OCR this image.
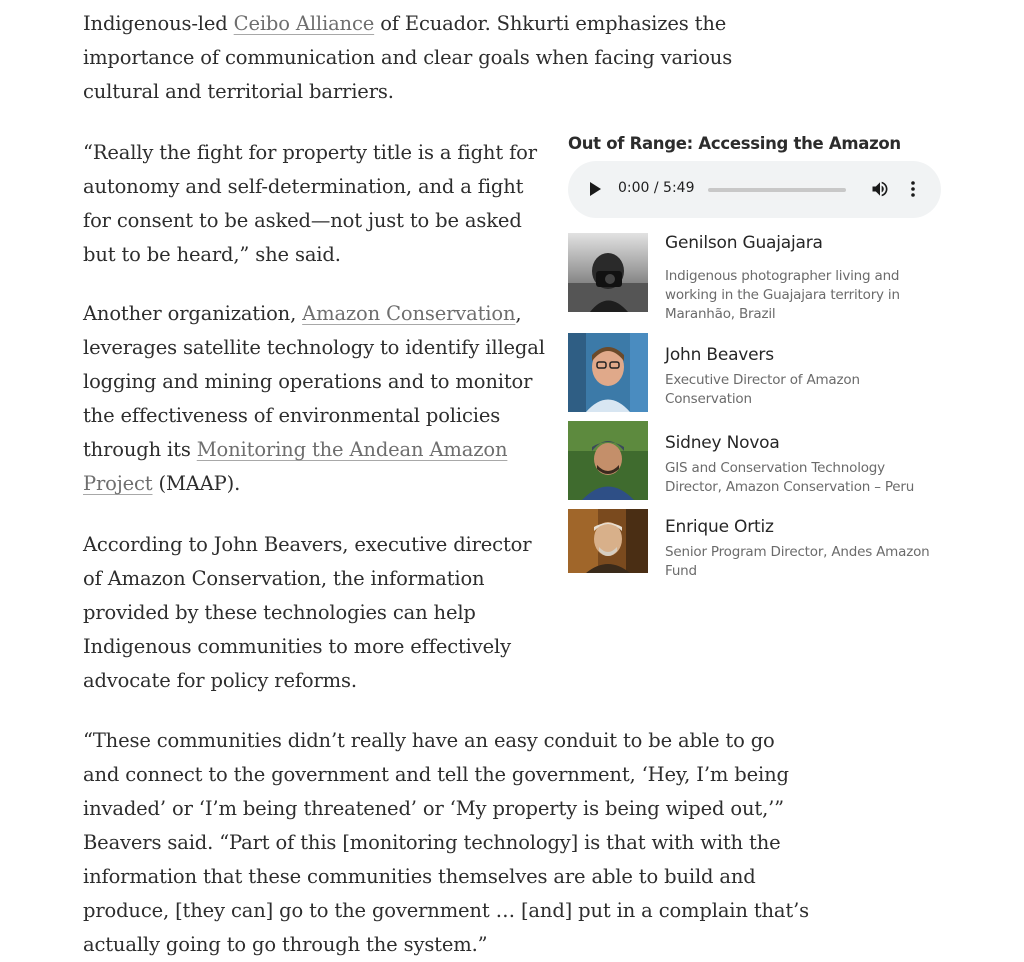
Indigenous-led Ceibo Alliance of Ecuador. Shkurti emphasizes the
importance of communication and clear goals when facing various
cultural and territorial barriers.

“Really the fight for property title is a fight for
autonomy and self-determination, and a fight
for consent to be asked—not just to be asked
but to be heard,” she said.

Another organization, Amazon Conservation,
leverages satellite technology to identify illegal
logging and mining operations and to monitor
the effectiveness of environmental policies
through its Monitoring the Andean Amazon
Project (MAAP).

According to John Beavers, executive director
of Amazon Conservation, the information
provided by these technologies can help
Indigenous communities to more effectively
advocate for policy reforms.

“These communities didn’t really have an easy conduit to be able to go
and connect to the government and tell the government, ‘Hey, I’m being
invaded’ or ‘I’m being threatened’ or ‘My property is being wiped out,’”
Beavers said. “Part of this [monitoring technology] is that with with the
information that these communities themselves are able to build and
produce, [they can] go to the government … [and] put in a complain that’s
actually going to go through the system.”

Out of Range: Accessing the Amazon
0:00 / 5:49

Genilson Guajajara

Indigenous photographer living and
working in the Guajajara territory in
Maranhão, Brazil

John Beavers

Executive Director of Amazon
Conservation

Sidney Novoa

GIS and Conservation Technology
Director, Amazon Conservation – Peru

Enrique Ortiz

Senior Program Director, Andes Amazon
Fund
